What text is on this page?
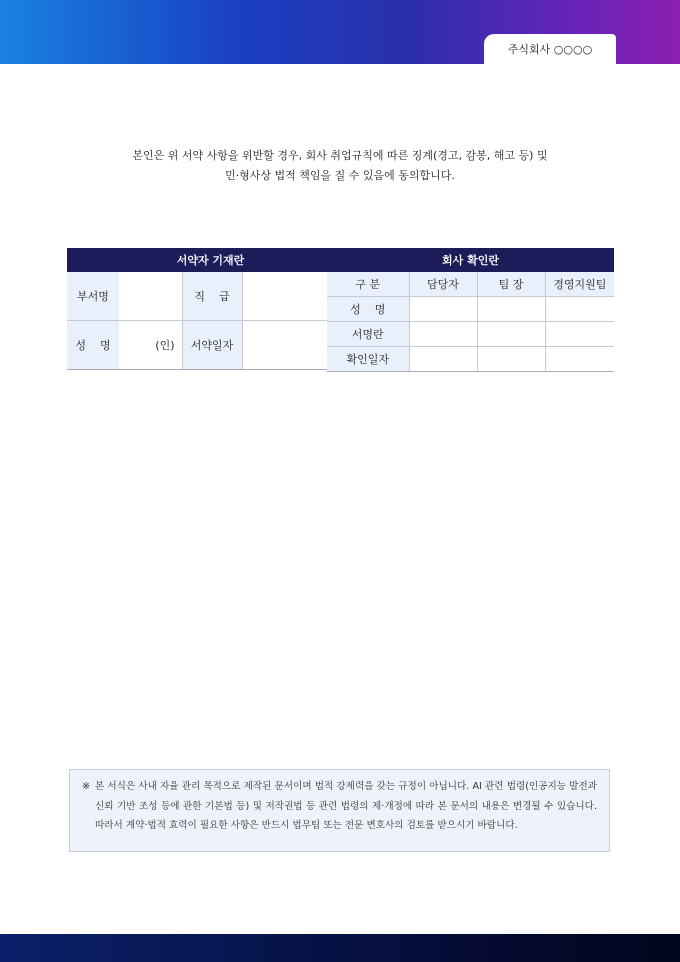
주식회사 ○○○○
본인은 위 서약 사항을 위반할 경우, 회사 취업규칙에 따른 징계(경고, 감봉, 해고 등) 및
민·형사상 법적 책임을 질 수 있음에 동의합니다.
서약자 기재란			
부서명		직    급	
성    명	(인)	서약일자	
회사 확인란			
구 분	담당자	팀 장	경영지원팀
성    명			
서명란			
확인일자			
※ 본 서식은 사내 자율 관리 목적으로 제작된 문서이며 법적 강제력을 갖는 규정이 아닙니다. AI 관련 법령(인공지능 발전과 신뢰 기반 조성 등에 관한 기본법 등) 및 저작권법 등 관련 법령의 제·개정에 따라 본 문서의 내용은 변경될 수 있습니다. 따라서 계약·법적 효력이 필요한 사항은 반드시 법무팀 또는 전문 변호사의 검토를 받으시기 바랍니다.
